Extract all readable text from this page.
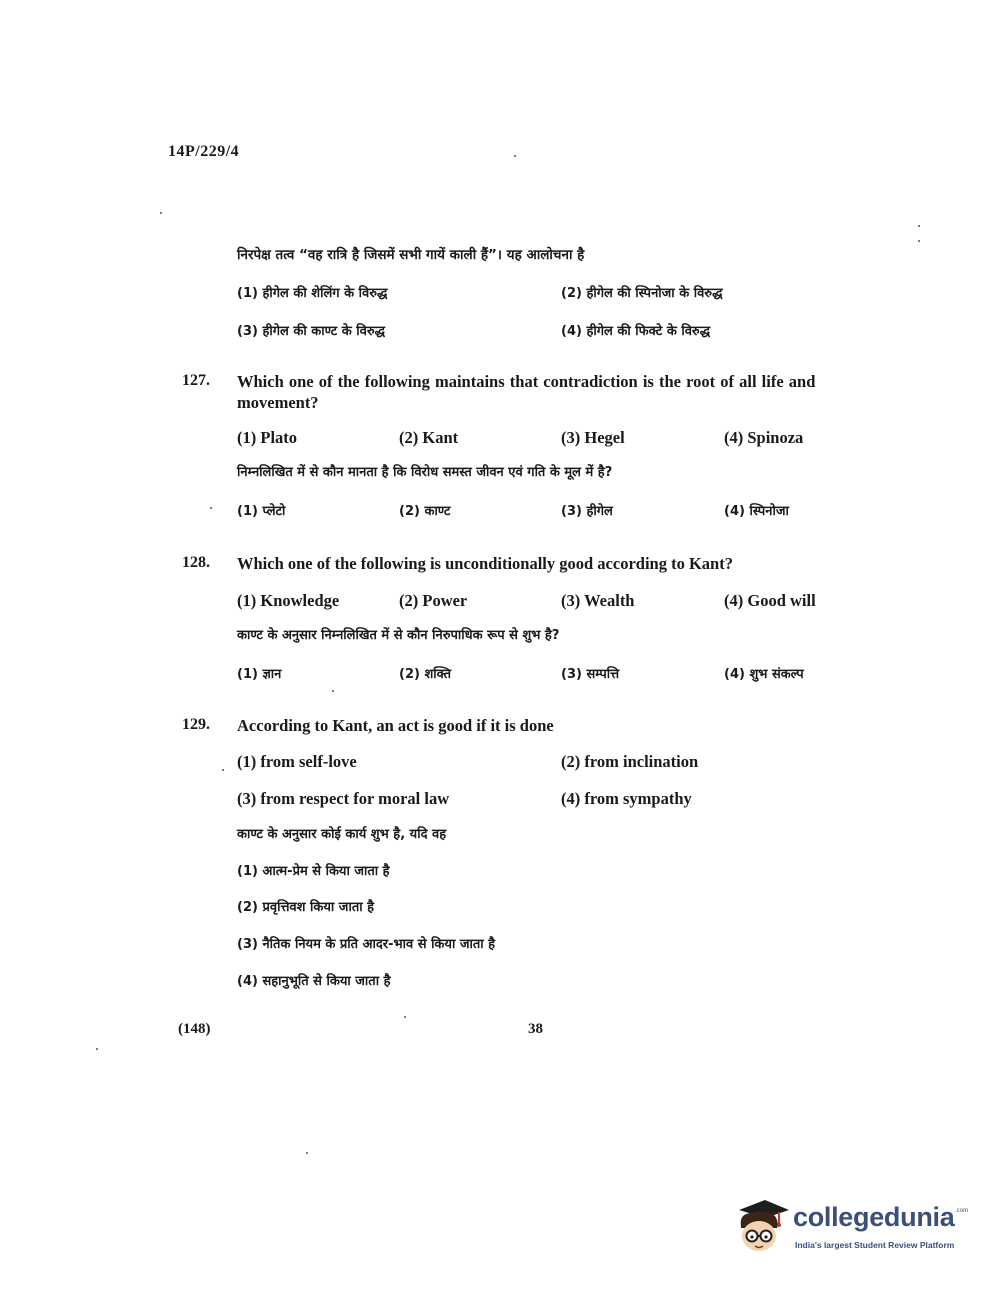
14P/229/4
निरपेक्ष तत्व “वह रात्रि है जिसमें सभी गायें काली हैं”। यह आलोचना है
(1) हीगेल की शेलिंग के विरुद्ध	(2) हीगेल की स्पिनोजा के विरुद्ध
(3) हीगेल की काण्ट के विरुद्ध	(4) हीगेल की फिक्टे के विरुद्ध
127. Which one of the following maintains that contradiction is the root of all life and
movement?
(1) Plato	(2) Kant	(3) Hegel	(4) Spinoza
निम्नलिखित में से कौन मानता है कि विरोध समस्त जीवन एवं गति के मूल में है?
(1) प्लेटो	(2) काण्ट	(3) हीगेल	(4) स्पिनोजा
128. Which one of the following is unconditionally good according to Kant?
(1) Knowledge	(2) Power	(3) Wealth	(4) Good will
काण्ट के अनुसार निम्नलिखित में से कौन निरुपाधिक रूप से शुभ है?
(1) ज्ञान	(2) शक्ति	(3) सम्पत्ति	(4) शुभ संकल्प
129. According to Kant, an act is good if it is done
(1) from self-love	(2) from inclination
(3) from respect for moral law	(4) from sympathy
काण्ट के अनुसार कोई कार्य शुभ है, यदि वह
(1) आत्म-प्रेम से किया जाता है
(2) प्रवृत्तिवश किया जाता है
(3) नैतिक नियम के प्रति आदर-भाव से किया जाता है
(4) सहानुभूति से किया जाता है
(148)	38
collegedunia .com
India's largest Student Review Platform
